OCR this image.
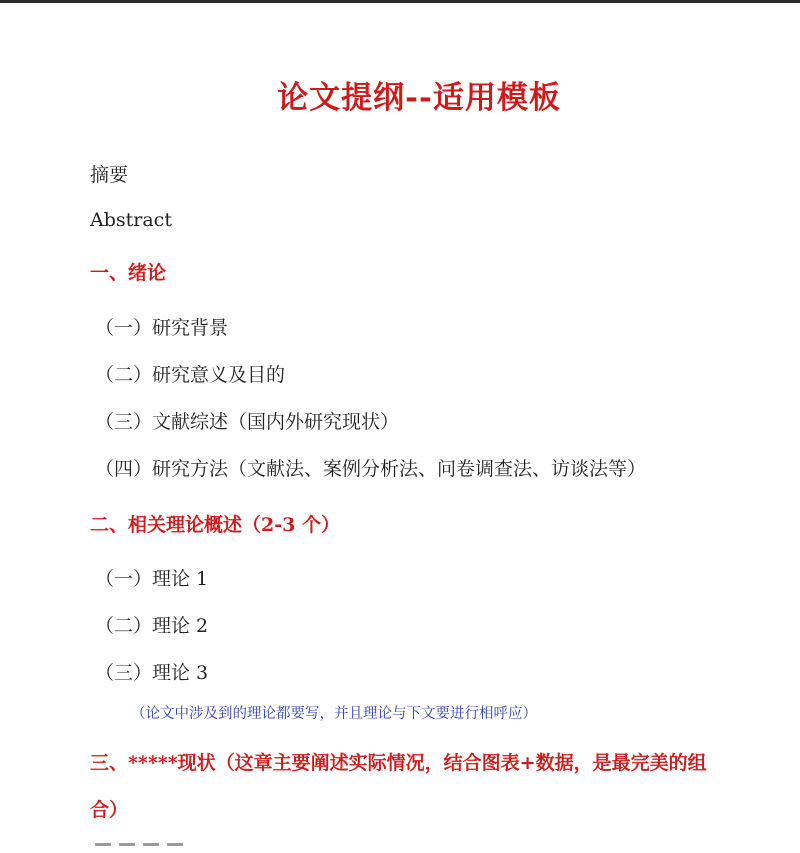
论文提纲--适用模板
摘要
Abstract
一、绪论
（一）研究背景
（二）研究意义及目的
（三）文献综述（国内外研究现状）
（四）研究方法（文献法、案例分析法、问卷调查法、访谈法等）
二、相关理论概述（2-3 个）
（一）理论 1
（二）理论 2
（三）理论 3
（论文中涉及到的理论都要写，并且理论与下文要进行相呼应）
三、*****现状（这章主要阐述实际情况，结合图表+数据，是最完美的组
合）
